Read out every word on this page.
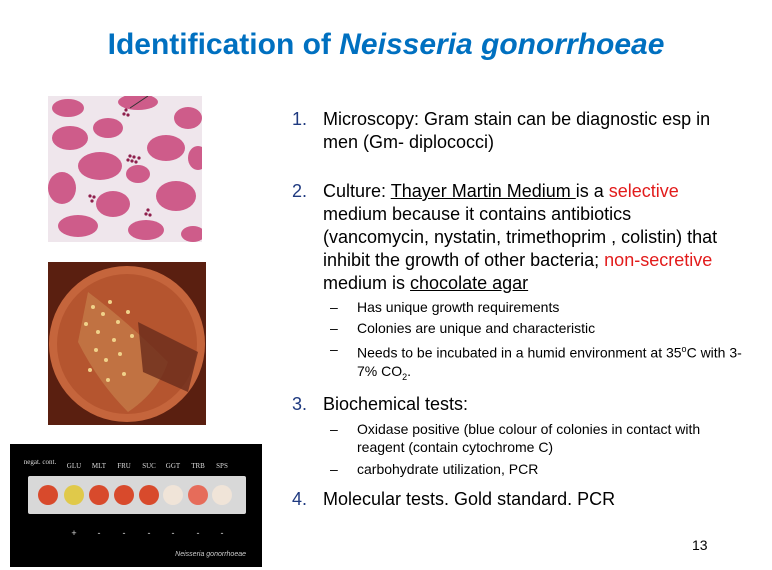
Identification of Neisseria gonorrhoeae
negat. cont. GLU MLT FRU SUC GGT TRB SPS
+ - - - - - -
Neisseria gonorrhoeae
1. Microscopy: Gram stain can be diagnostic esp in men (Gm- diplococci)
2. Culture: Thayer Martin Medium is a selective medium because it contains antibiotics (vancomycin, nystatin, trimethoprim , colistin) that inhibit the growth of other bacteria; non-secretive medium is chocolate agar
– Has unique growth requirements
– Colonies are unique and characteristic
– Needs to be incubated in a humid environment at 35$^o$C with 3-7% $CO_2$.
3. Biochemical tests:
– Oxidase positive (blue colour of colonies in contact with reagent (contain cytochrome C)
– carbohydrate utilization, PCR
4. Molecular tests. Gold standard. PCR
13
